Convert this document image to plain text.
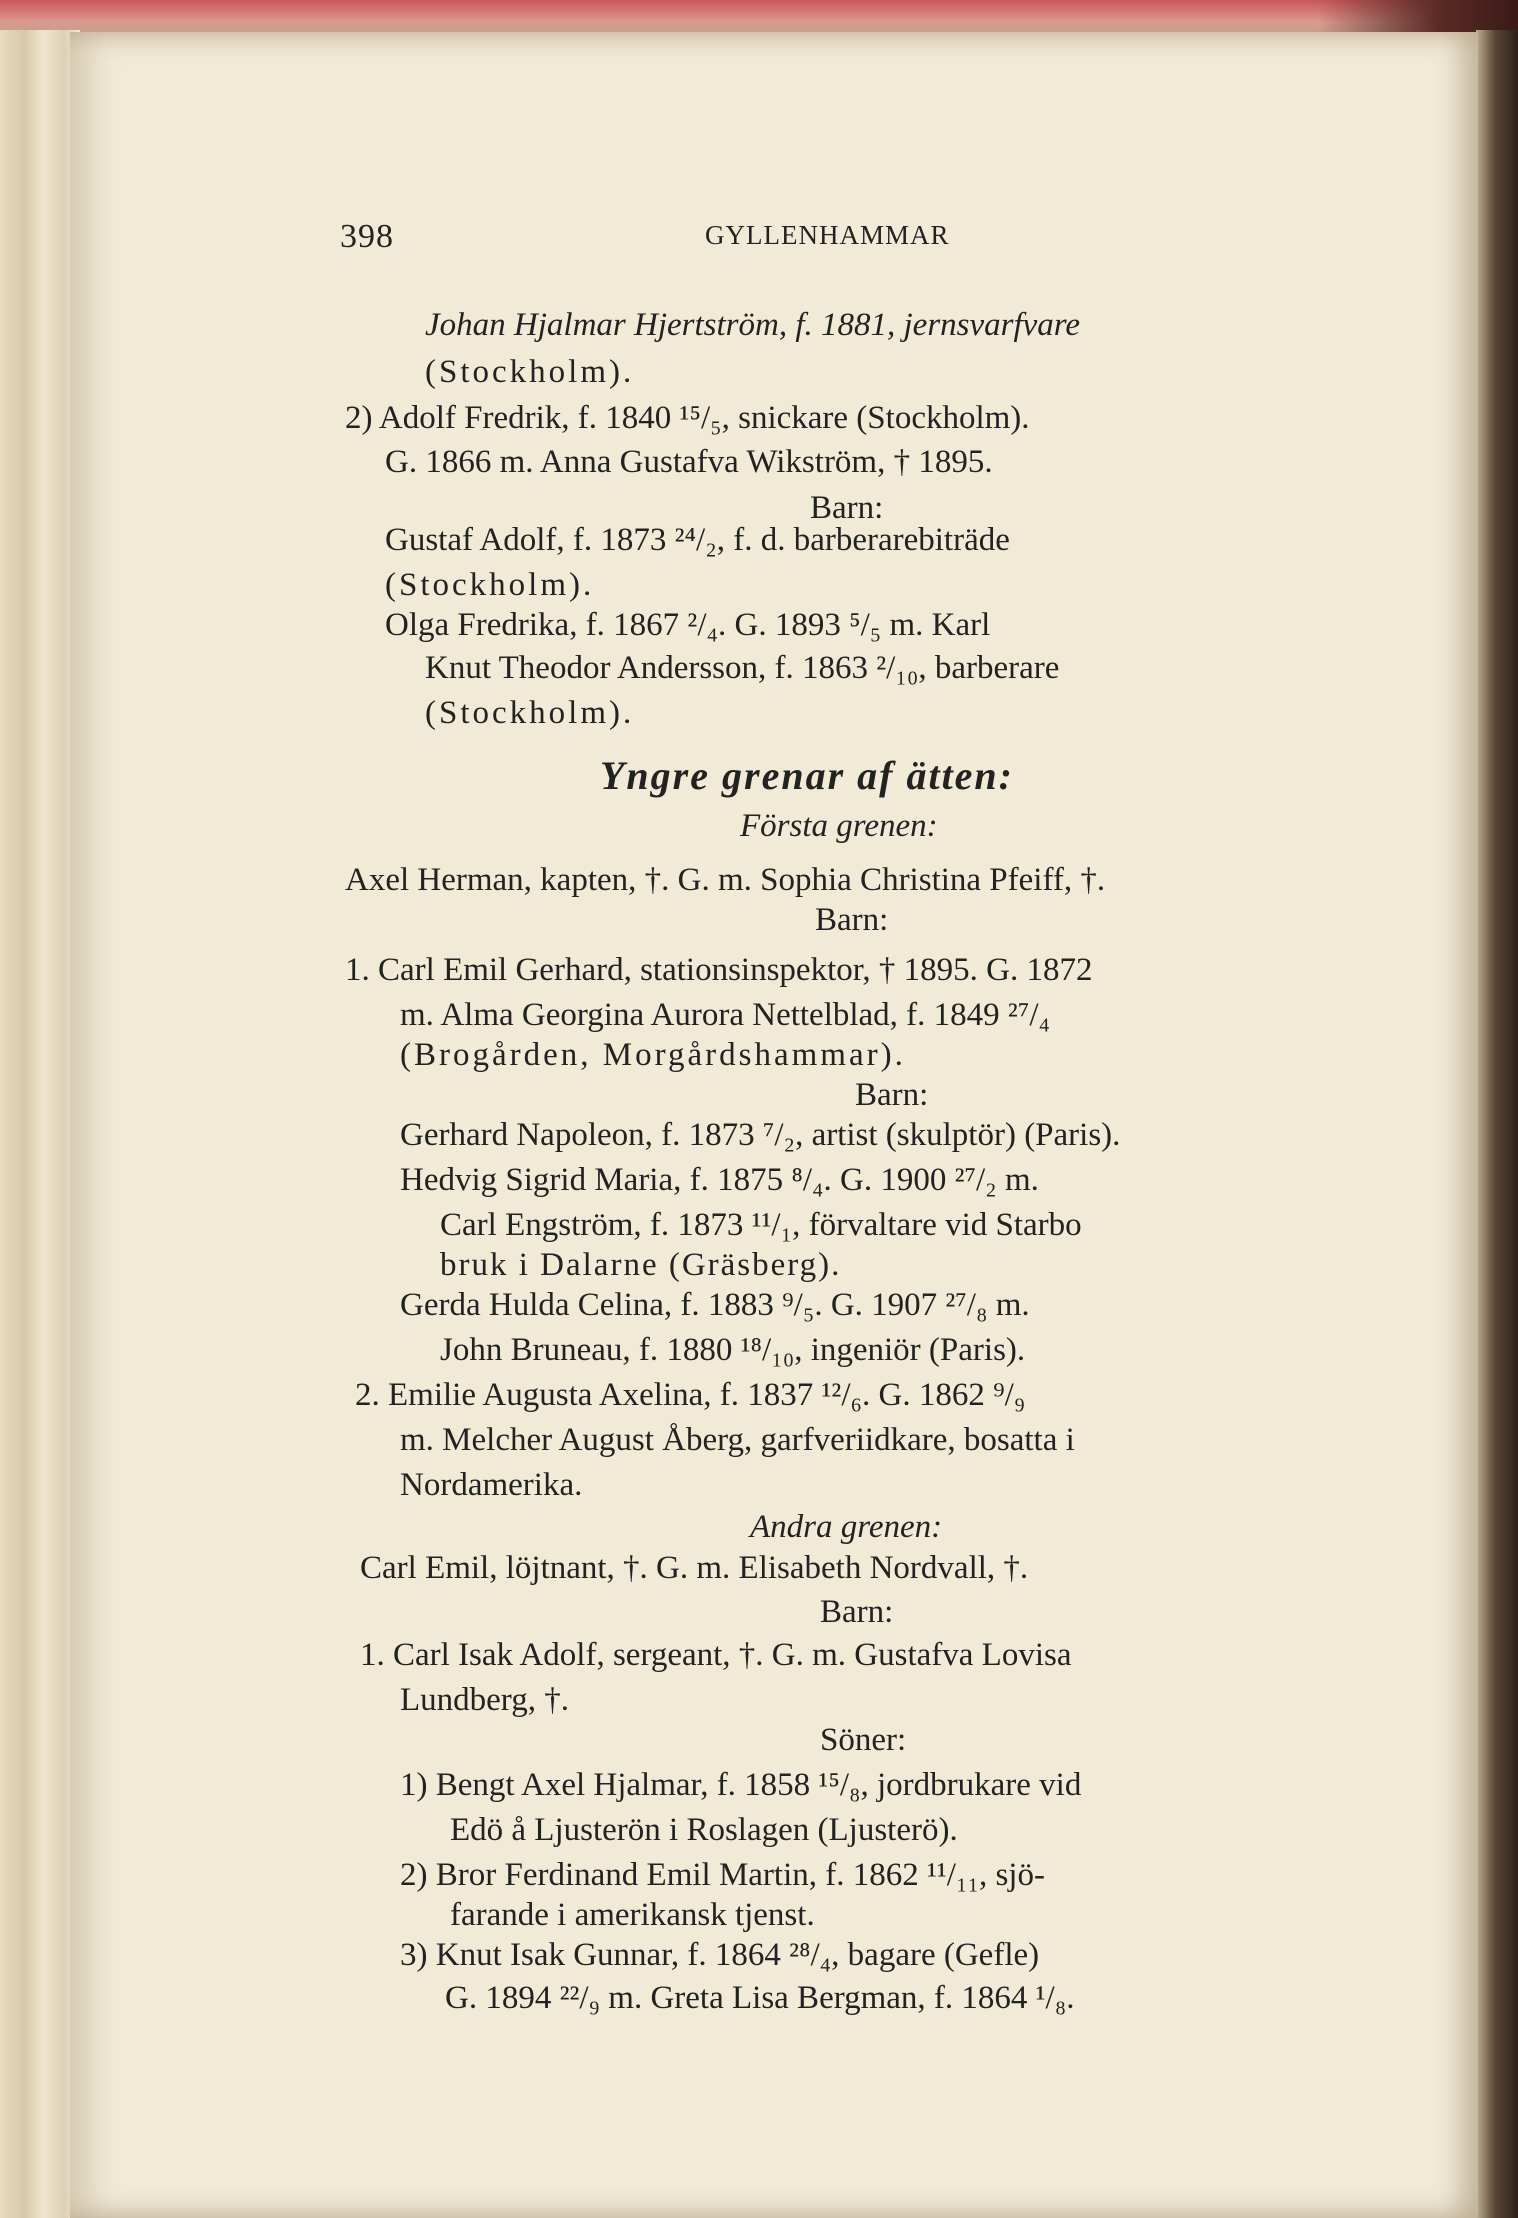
398	GYLLENHAMMAR
Johan Hjalmar Hjertström, f. 1881, jernsvarfvare
(Stockholm).
2) Adolf Fredrik, f. 1840 ¹⁵/₅, snickare (Stockholm).
G. 1866 m. Anna Gustafva Wikström, † 1895.
Barn:
Gustaf Adolf, f. 1873 ²⁴/₂, f. d. barberarebiträde
(Stockholm).
Olga Fredrika, f. 1867 ²/₄. G. 1893 ⁵/₅ m. Karl
Knut Theodor Andersson, f. 1863 ²/₁₀, barberare
(Stockholm).
Yngre grenar af ätten:
Första grenen:
Axel Herman, kapten, †. G. m. Sophia Christina Pfeiff, †.
Barn:
1. Carl Emil Gerhard, stationsinspektor, † 1895. G. 1872
m. Alma Georgina Aurora Nettelblad, f. 1849 ²⁷/₄
(Brogården, Morgårdshammar).
Barn:
Gerhard Napoleon, f. 1873 ⁷/₂, artist (skulptör) (Paris).
Hedvig Sigrid Maria, f. 1875 ⁸/₄. G. 1900 ²⁷/₂ m.
Carl Engström, f. 1873 ¹¹/₁, förvaltare vid Starbo
bruk i Dalarne (Gräsberg).
Gerda Hulda Celina, f. 1883 ⁹/₅. G. 1907 ²⁷/₈ m.
John Bruneau, f. 1880 ¹⁸/₁₀, ingeniör (Paris).
2. Emilie Augusta Axelina, f. 1837 ¹²/₆. G. 1862 ⁹/₉
m. Melcher August Åberg, garfveriidkare, bosatta i
Nordamerika.
Andra grenen:
Carl Emil, löjtnant, †. G. m. Elisabeth Nordvall, †.
Barn:
1. Carl Isak Adolf, sergeant, †. G. m. Gustafva Lovisa
Lundberg, †.
Söner:
1) Bengt Axel Hjalmar, f. 1858 ¹⁵/₈, jordbrukare vid
Edö å Ljusterön i Roslagen (Ljusterö).
2) Bror Ferdinand Emil Martin, f. 1862 ¹¹/₁₁, sjö-
farande i amerikansk tjenst.
3) Knut Isak Gunnar, f. 1864 ²⁸/₄, bagare (Gefle)
G. 1894 ²²/₉ m. Greta Lisa Bergman, f. 1864 ¹/₈.
